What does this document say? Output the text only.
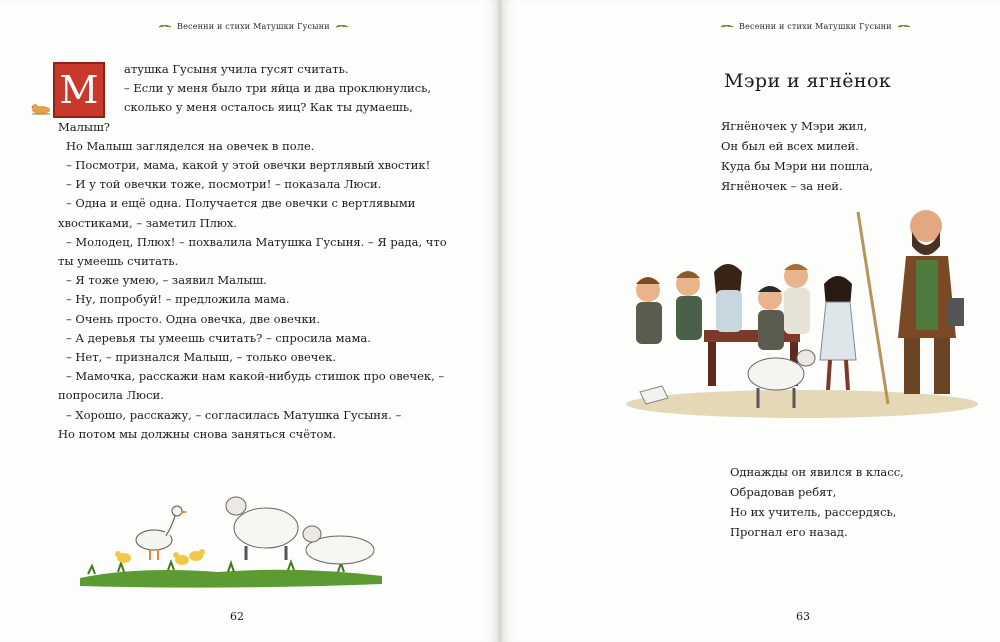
Весенни и стихи Матушки Гусыни
М	атушка Гусыня учила гусят считать.
– Если у меня было три яйца и два проклюнулись,
сколько у меня осталось яиц? Как ты думаешь,
Малыш?
Но Малыш загляделся на овечек в поле.
– Посмотри, мама, какой у этой овечки вертлявый хвостик!
– И у той овечки тоже, посмотри! – показала Люси.
– Одна и ещё одна. Получается две овечки с вертлявыми
хвостиками, – заметил Плюх.
– Молодец, Плюх! – похвалила Матушка Гусыня. – Я рада, что
ты умеешь считать.
– Я тоже умею, – заявил Малыш.
– Ну, попробуй! – предложила мама.
– Очень просто. Одна овечка, две овечки.
– А деревья ты умеешь считать? – спросила мама.
– Нет, – признался Малыш, – только овечек.
– Мамочка, расскажи нам какой-нибудь стишок про овечек, –
попросила Люси.
– Хорошо, расскажу, – согласилась Матушка Гусыня. –
Но потом мы должны снова заняться счётом.
62
Весенни и стихи Матушки Гусыни
Мэри и ягнёнок
Ягнёночек у Мэри жил,
Он был ей всех милей.
Куда бы Мэри ни пошла,
Ягнёночек – за ней.
Однажды он явился в класс,
Обрадовав ребят,
Но их учитель, рассердясь,
Прогнал его назад.
63
